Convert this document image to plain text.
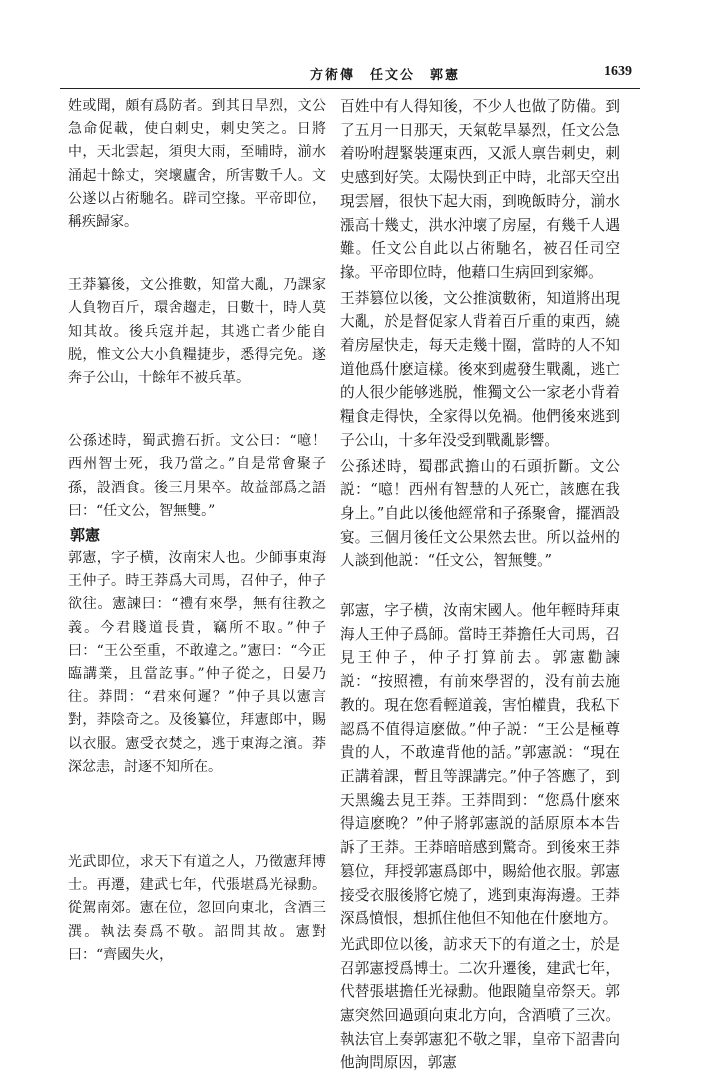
方術傳　任文公　郭憲	1639

姓或聞，頗有爲防者。到其日旱烈，文公急命促載，使白刺史，刺史笑之。日將中，天北雲起，須臾大雨，至晡時，湔水涌起十餘丈，突壞廬舍，所害數千人。文公遂以占術馳名。辟司空掾。平帝即位，稱疾歸家。

王莽纂後，文公推數，知當大亂，乃課家人負物百斤，環舍趨走，日數十，時人莫知其故。後兵寇并起，其逃亡者少能自脱，惟文公大小負糧捷步，悉得完免。遂奔子公山，十餘年不被兵革。

公孫述時，蜀武擔石折。文公曰：“噫！西州智士死，我乃當之。”自是常會聚子孫，設酒食。後三月果卒。故益部爲之語曰：“任文公，智無雙。”

郭憲

郭憲，字子横，汝南宋人也。少師事東海王仲子。時王莽爲大司馬，召仲子，仲子欲往。憲諫曰：“禮有來學，無有往教之義。今君賤道長貴，竊所不取。”仲子曰：“王公至重，不敢違之。”憲曰：“今正臨講業，且當訖事。”仲子從之，日晏乃往。莽問：“君來何遲？”仲子具以憲言對，莽陰奇之。及後纂位，拜憲郎中，賜以衣服。憲受衣焚之，逃于東海之濱。莽深忿恚，討逐不知所在。

光武即位，求天下有道之人，乃徵憲拜博士。再遷，建武七年，代張堪爲光禄勳。從駕南郊。憲在位，忽回向東北，含酒三潠。執法奏爲不敬。詔問其故。憲對曰：“齊國失火，

百姓中有人得知後，不少人也做了防備。到了五月一日那天，天氣乾旱暴烈，任文公急着吩咐趕緊裝運東西，又派人禀告刺史，刺史感到好笑。太陽快到正中時，北部天空出現雲層，很快下起大雨，到晚飯時分，湔水漲高十幾丈，洪水沖壞了房屋，有幾千人遇難。任文公自此以占術馳名，被召任司空掾。平帝即位時，他藉口生病回到家鄉。

王莽篡位以後，文公推演數術，知道將出現大亂，於是督促家人背着百斤重的東西，繞着房屋快走，每天走幾十圈，當時的人不知道他爲什麽這樣。後來到處發生戰亂，逃亡的人很少能够逃脱，惟獨文公一家老小背着糧食走得快，全家得以免禍。他們後來逃到子公山，十多年没受到戰亂影響。

公孫述時，蜀郡武擔山的石頭折斷。文公説：“噫！西州有智慧的人死亡，該應在我身上。”自此以後他經常和子孫聚會，擺酒設宴。三個月後任文公果然去世。所以益州的人談到他説：“任文公，智無雙。”

郭憲，字子横，汝南宋國人。他年輕時拜東海人王仲子爲師。當時王莽擔任大司馬，召見王仲子，仲子打算前去。郭憲勸諫説：“按照禮，有前來學習的，没有前去施教的。現在您看輕道義，害怕權貴，我私下認爲不值得這麽做。”仲子説：“王公是極尊貴的人，不敢違背他的話。”郭憲説：“現在正講着課，暫且等課講完。”仲子答應了，到天黑纔去見王莽。王莽問到：“您爲什麽來得這麽晚？”仲子將郭憲説的話原原本本告訴了王莽。王莽暗暗感到驚奇。到後來王莽篡位，拜授郭憲爲郎中，賜給他衣服。郭憲接受衣服後將它燒了，逃到東海海邊。王莽深爲憤恨，想抓住他但不知他在什麽地方。

光武即位以後，訪求天下的有道之士，於是召郭憲授爲博士。二次升遷後，建武七年，代替張堪擔任光禄勳。他跟隨皇帝祭天。郭憲突然回過頭向東北方向，含酒噴了三次。執法官上奏郭憲犯不敬之罪，皇帝下詔書向他詢問原因，郭憲
